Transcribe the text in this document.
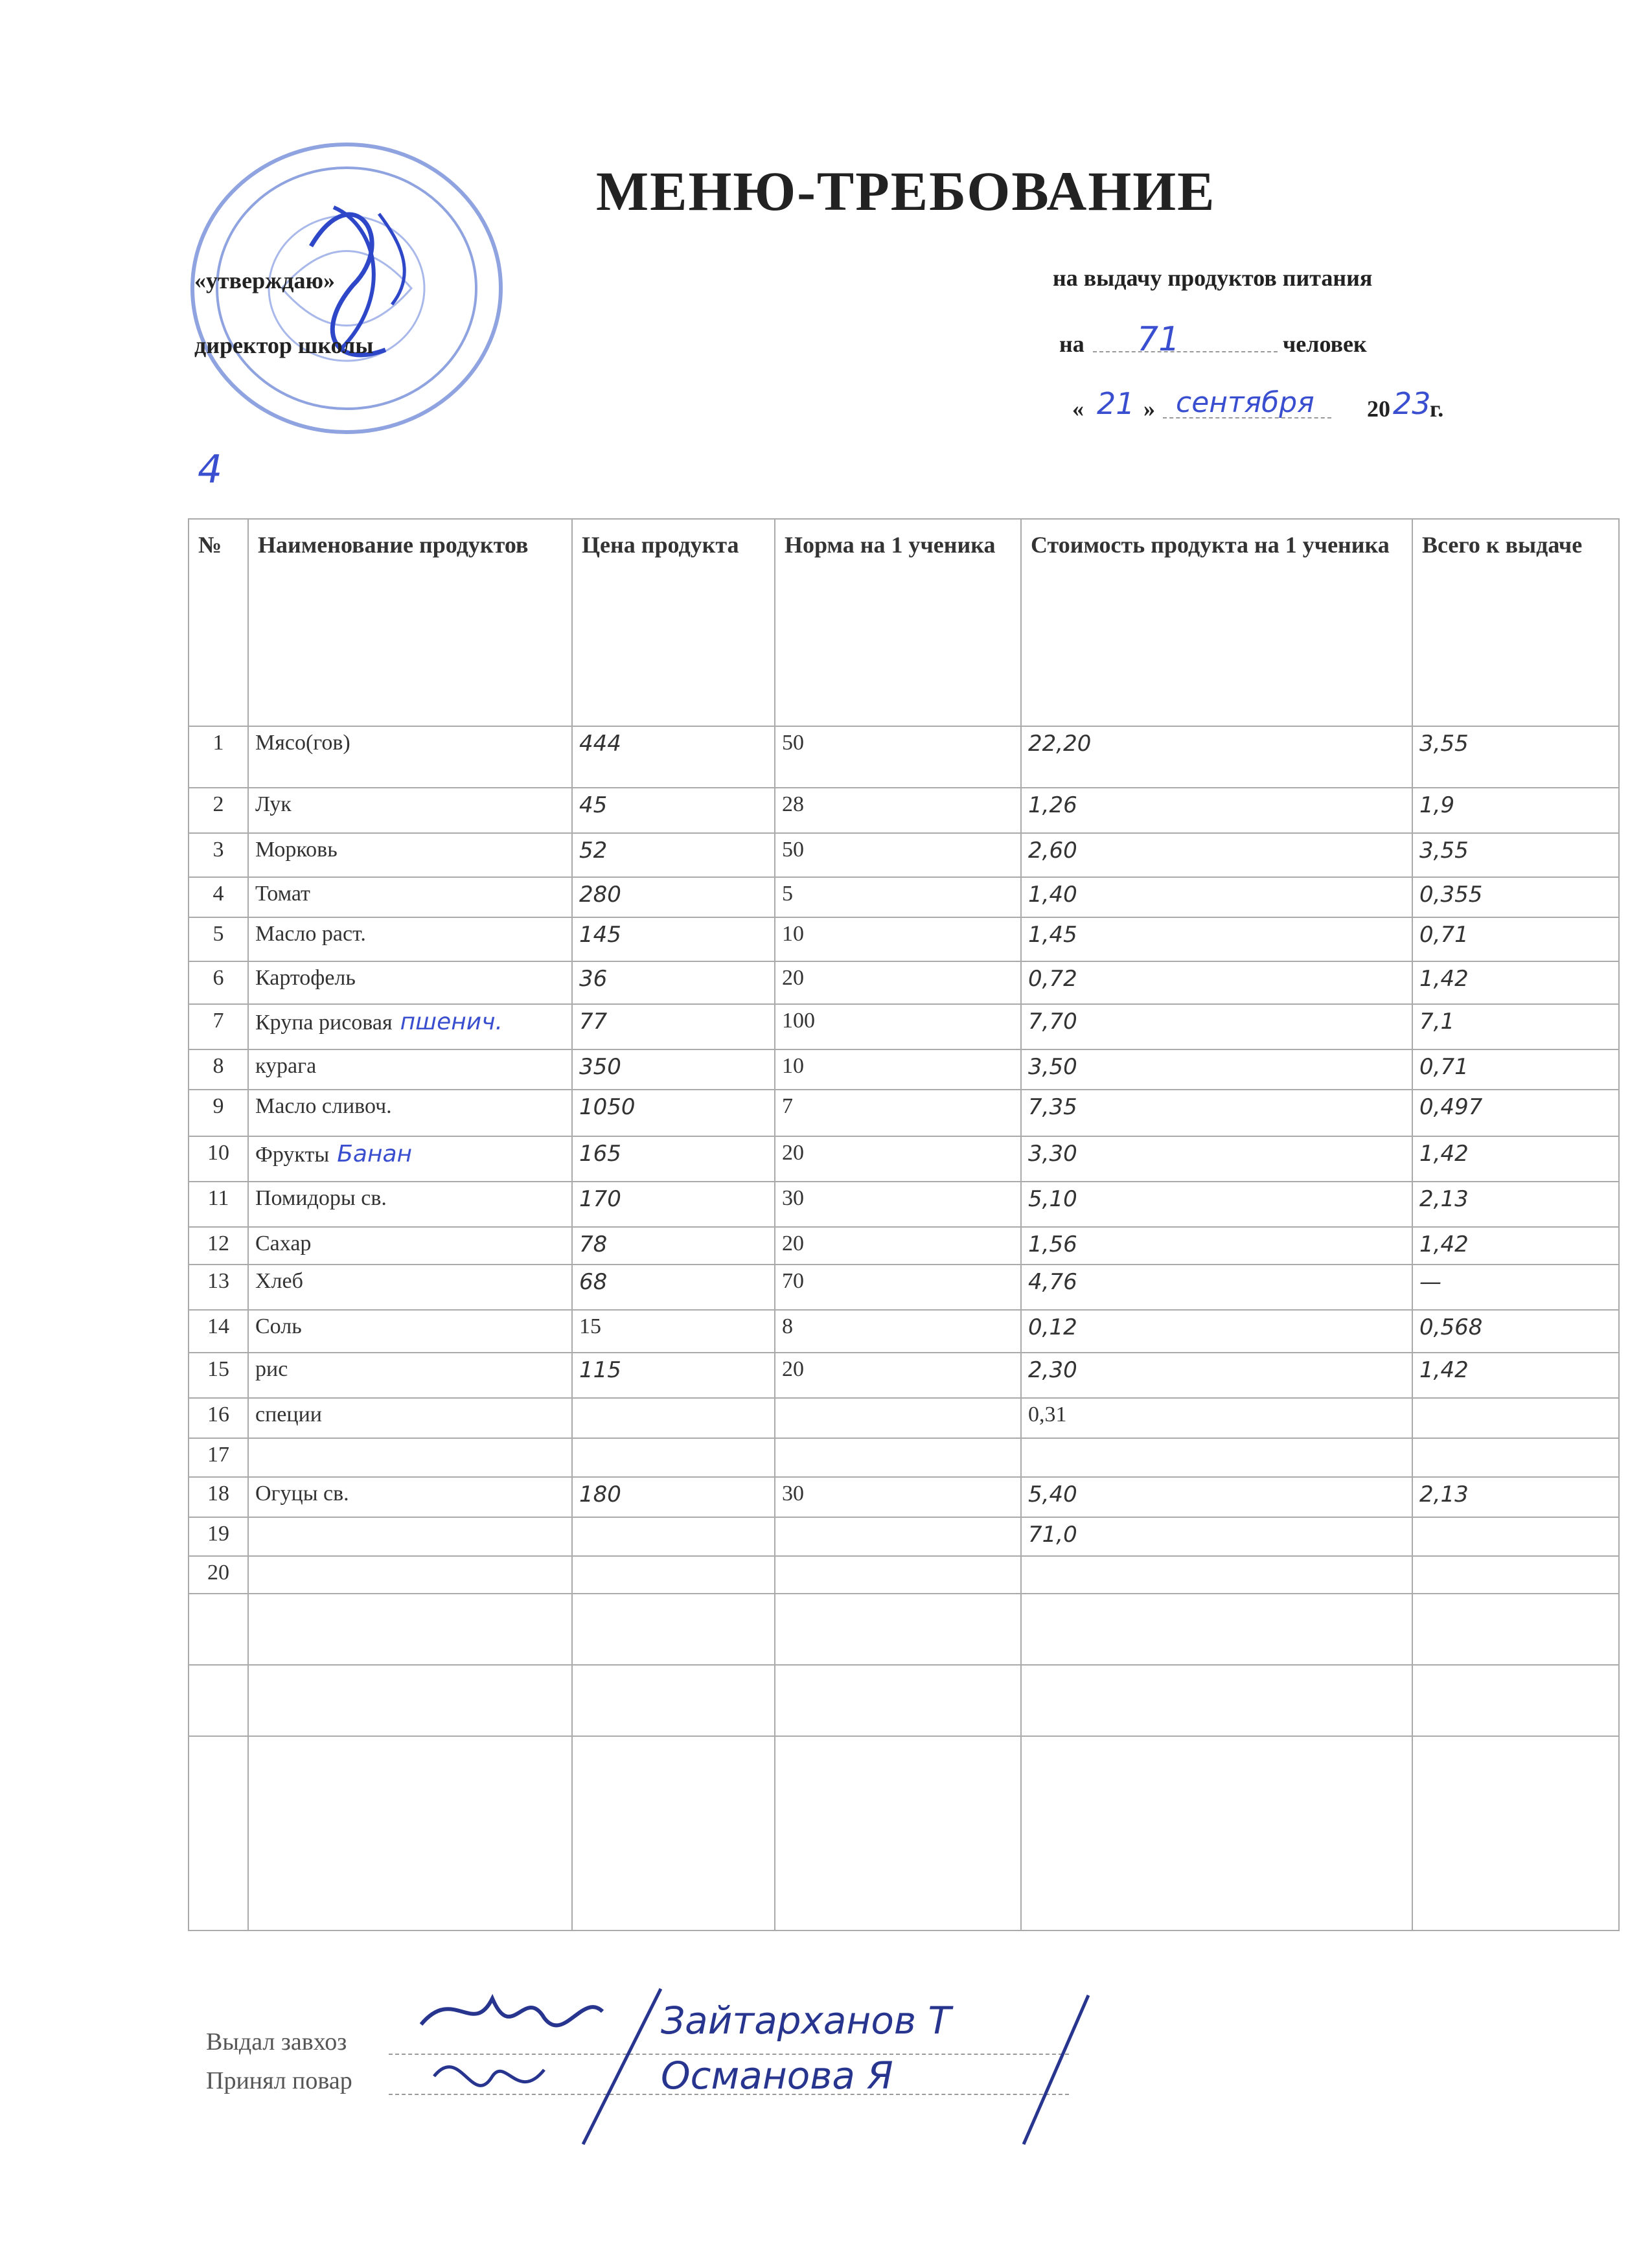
МЕНЮ-ТРЕБОВАНИЕ
«утверждаю»
директор школы
на выдачу продуктов питания
на 71	человек
« 21 » сентября 20 23
г.
4
№	Наименование продуктов	Цена продукта	Норма на 1 ученика	Стоимость продукта на 1 ученика	Всего к выдаче
1	Мясо(гов)	444	50	22,20	3,55
2	Лук	45	28	1,26	1,9
3	Морковь	52	50	2,60	3,55
4	Томат	280	5	1,40	0,355
5	Масло раст.	145	10	1,45	0,71
6	Картофель	36	20	0,72	1,42
7	Крупа рисовая пшенич.	77	100	7,70	7,1
8	курага	350	10	3,50	0,71
9	Масло сливоч.	1050	7	7,35	0,497
10	Фрукты Банан	165	20	3,30	1,42
11	Помидоры св.	170	30	5,10	2,13
12	Сахар	78	20	1,56	1,42
13	Хлеб	68	70	4,76	—
14	Соль	15	8	0,12	0,568
15	рис	115	20	2,30	1,42
16	специи			0,31	
17					
18	Огуцы св.	180	30	5,40	2,13
19				71,0	
20					

Выдал завхоз	Зайтарханов Т
Принял повар	Османова Я
